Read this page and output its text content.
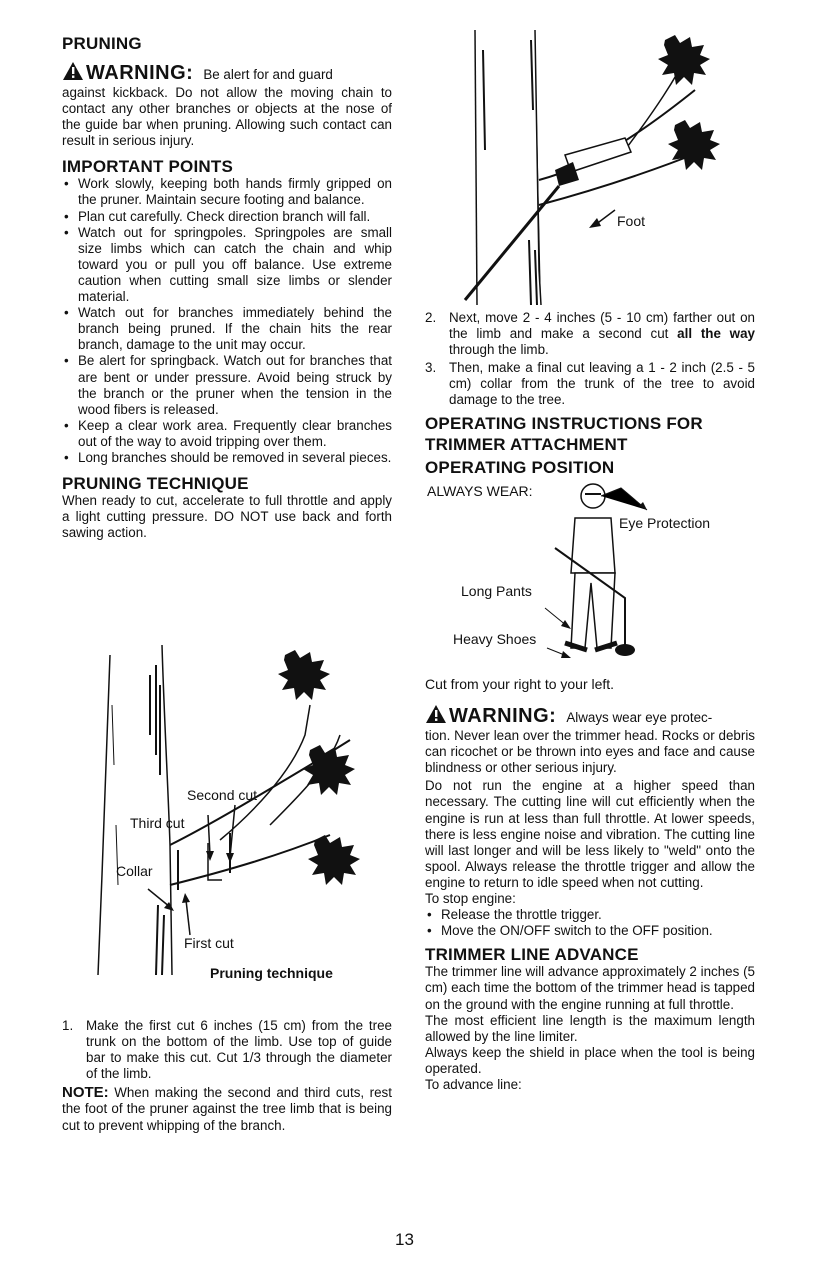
PRUNING
WARNING: Be alert for and guard
against kickback. Do not allow the moving chain to contact any other branches or objects at the nose of the guide bar when pruning. Allowing such contact can result in serious injury.
IMPORTANT POINTS
• Work slowly, keeping both hands firmly gripped on the pruner. Maintain secure footing and balance.
• Plan cut carefully. Check direction branch will fall.
• Watch out for springpoles. Springpoles are small size limbs which can catch the chain and whip toward you or pull you off balance. Use extreme caution when cutting small size limbs or slender material.
• Watch out for branches immediately behind the branch being pruned. If the chain hits the rear branch, damage to the unit may occur.
• Be alert for springback. Watch out for branches that are bent or under pressure. Avoid being struck by the branch or the pruner when the tension in the wood fibers is released.
• Keep a clear work area. Frequently clear branches out of the way to avoid tripping over them.
• Long branches should be removed in several pieces.
PRUNING TECHNIQUE
When ready to cut, accelerate to full throttle and apply a light cutting pressure. DO NOT use back and forth sawing action.
Second cut
Third cut
Collar
First cut
Pruning technique
1. Make the first cut 6 inches (15 cm) from the tree trunk on the bottom of the limb. Use top of guide bar to make this cut. Cut 1/3 through the diameter of the limb.
NOTE: When making the second and third cuts, rest the foot of the pruner against the tree limb that is being cut to prevent whipping of the branch.
Foot
2. Next, move 2 - 4 inches (5 - 10 cm) farther out on the limb and make a second cut all the way through the limb.
3. Then, make a final cut leaving a 1 - 2 inch (2.5 - 5 cm) collar from the trunk of the tree to avoid damage to the tree.
OPERATING INSTRUCTIONS FOR
TRIMMER ATTACHMENT
OPERATING POSITION
ALWAYS WEAR:
Eye Protection
Long Pants
Heavy Shoes
Cut from your right to your left.
WARNING: Always wear eye protec-
tion. Never lean over the trimmer head. Rocks or debris can ricochet or be thrown into eyes and face and cause blindness or other serious injury.
Do not run the engine at a higher speed than necessary. The cutting line will cut efficiently when the engine is run at less than full throttle. At lower speeds, there is less engine noise and vibration. The cutting line will last longer and will be less likely to "weld" onto the spool. Always release the throttle trigger and allow the engine to return to idle speed when not cutting.
To stop engine:
• Release the throttle trigger.
• Move the ON/OFF switch to the OFF position.
TRIMMER LINE ADVANCE
The trimmer line will advance approximately 2 inches (5 cm) each time the bottom of the trimmer head is tapped on the ground with the engine running at full throttle.
The most efficient line length is the maximum length allowed by the line limiter.
Always keep the shield in place when the tool is being operated.
To advance line:
13
